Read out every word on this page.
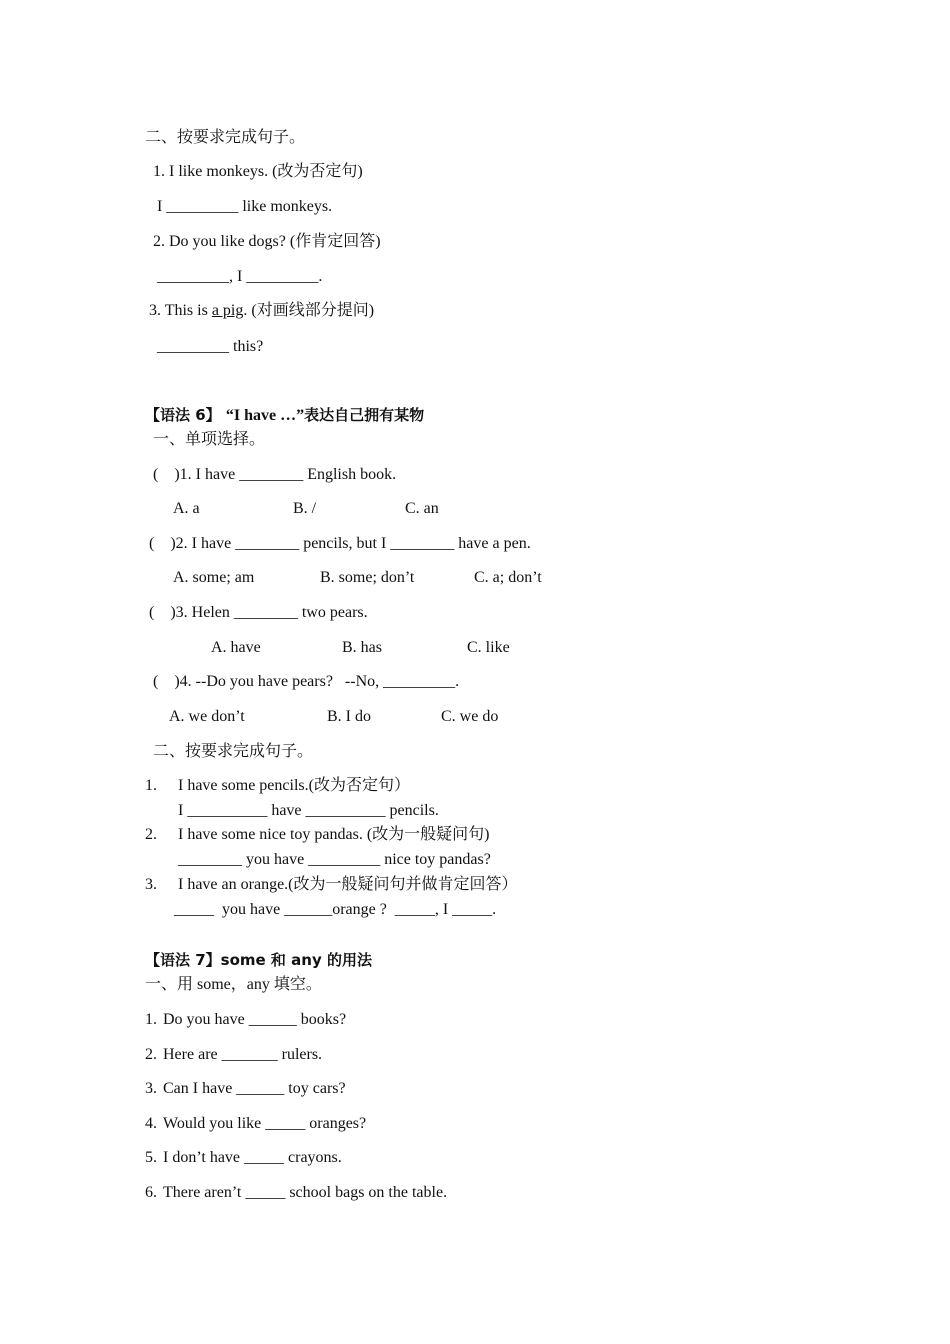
二、按要求完成句子。
1. I like monkeys. (改为否定句)
I _________ like monkeys.
2. Do you like dogs? (作肯定回答)
_________, I _________.
3. This is a pig. (对画线部分提问)
_________ this?
【语法 6】 “I have …”表达自己拥有某物
一、单项选择。
(    )1. I have ________ English book.
A. a	B. /	C. an
(    )2. I have ________ pencils, but I ________ have a pen.
A. some; am	B. some; don’t	C. a; don’t
(    )3. Helen ________ two pears.
A. have	B. has	C. like
(    )4. --Do you have pears?   --No, _________.
A. we don’t	B. I do	C. we do
二、按要求完成句子。
1. I have some pencils.(改为否定句）
I __________ have __________ pencils.
2. I have some nice toy pandas. (改为一般疑问句)
________ you have _________ nice toy pandas?
3. I have an orange.(改为一般疑问句并做肯定回答）
_____  you have ______orange ?  _____, I _____.
【语法 7】some 和 any 的用法
一、用 some，any 填空。
1. Do you have ______ books?
2. Here are _______ rulers.
3. Can I have ______ toy cars?
4. Would you like _____ oranges?
5. I don’t have _____ crayons.
6. There aren’t _____ school bags on the table.
